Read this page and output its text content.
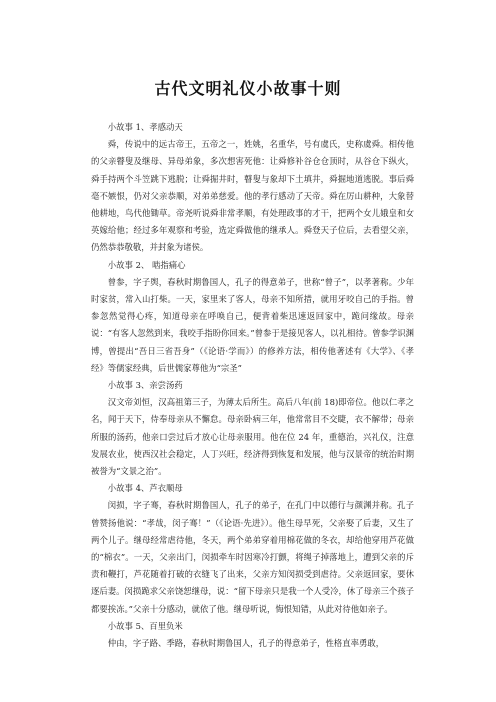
古代文明礼仪小故事十则

小故事 1、孝感动天

舜，传说中的远古帝王，五帝之一，姓姚，名重华，号有虞氏，史称虞舜。相传他的父亲瞽叟及继母、异母弟象，多次想害死他：让舜修补谷仓仓顶时，从谷仓下纵火，舜手持两个斗笠跳下逃脱；让舜掘井时，瞽叟与象却下土填井，舜掘地道逃脱。事后舜毫不嫉恨，仍对父亲恭顺，对弟弟慈爱。他的孝行感动了天帝。舜在厉山耕种，大象替他耕地，鸟代他锄草。帝尧听说舜非常孝顺，有处理政事的才干，把两个女儿娥皇和女英嫁给他；经过多年观察和考验，选定舜做他的继承人。舜登天子位后，去看望父亲，仍然恭恭敬敬，并封象为诸侯。

小故事 2、 啮指痛心

曾参，字子舆，春秋时期鲁国人，孔子的得意弟子，世称“曾子”，以孝著称。少年时家贫，常入山打柴。一天，家里来了客人，母亲不知所措，就用牙咬自己的手指。曾参忽然觉得心疼，知道母亲在呼唤自己，便背着柴迅速返回家中，跪问缘故。母亲说：“有客人忽然到来，我咬手指盼你回来。”曾参于是接见客人，以礼相待。曾参学识渊博，曾提出“吾日三省吾身”（《论语·学而》）的修养方法，相传他著述有《大学》、《孝经》等儒家经典，后世儒家尊他为“宗圣”

小故事 3、亲尝汤药

汉文帝刘恒，汉高祖第三子，为薄太后所生。高后八年(前 18)即帝位。他以仁孝之名，闻于天下，侍奉母亲从不懈怠。母亲卧病三年，他常常目不交睫，衣不解带；母亲所服的汤药，他亲口尝过后才放心让母亲服用。他在位 24 年，重德治，兴礼仪，注意发展农业，使西汉社会稳定，人丁兴旺，经济得到恢复和发展，他与汉景帝的统治时期被誉为“文景之治”。

小故事 4、芦衣顺母

闵损，字子骞，春秋时期鲁国人，孔子的弟子，在孔门中以德行与颜渊并称。孔子曾赞扬他说：“孝哉，闵子骞！”（《论语·先进》）。他生母早死，父亲娶了后妻，又生了两个儿子。继母经常虐待他，冬天，两个弟弟穿着用棉花做的冬衣，却给他穿用芦花做的“棉衣”。一天，父亲出门，闵损牵车时因寒冷打颤，将绳子掉落地上，遭到父亲的斥责和鞭打，芦花随着打破的衣缝飞了出来，父亲方知闵损受到虐待。父亲返回家，要休逐后妻。闵损跪求父亲饶恕继母，说：“留下母亲只是我一个人受冷，休了母亲三个孩子都要挨冻。”父亲十分感动，就依了他。继母听说，悔恨知错，从此对待他如亲子。

小故事 5、百里负米

仲由，字子路、季路，春秋时期鲁国人，孔子的得意弟子，性格直率勇敢，
